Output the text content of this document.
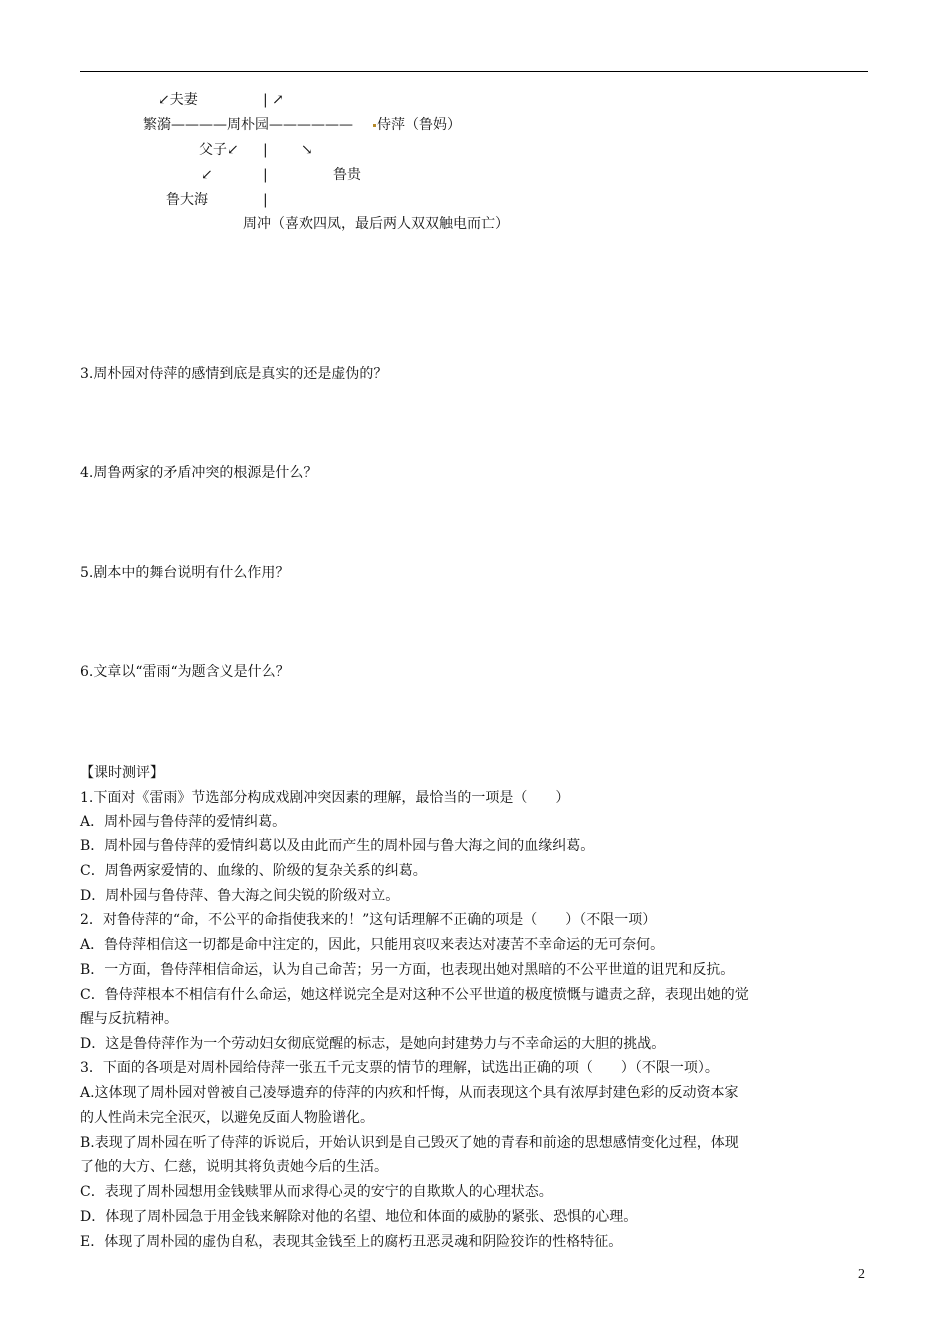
↙夫妻	| ↗
繁漪————周朴园—————— 侍萍（鲁妈）
父子↙ | ↘
↙	|	鲁贵
鲁大海	|
周冲（喜欢四凤，最后两人双双触电而亡）
3.周朴园对侍萍的感情到底是真实的还是虚伪的？
4.周鲁两家的矛盾冲突的根源是什么？
5.剧本中的舞台说明有什么作用？
6.文章以“雷雨“为题含义是什么？
【课时测评】
1.下面对《雷雨》节选部分构成戏剧冲突因素的理解，最恰当的一项是（　　）
A．周朴园与鲁侍萍的爱情纠葛。
B．周朴园与鲁侍萍的爱情纠葛以及由此而产生的周朴园与鲁大海之间的血缘纠葛。
C．周鲁两家爱情的、血缘的、阶级的复杂关系的纠葛。
D．周朴园与鲁侍萍、鲁大海之间尖锐的阶级对立。
2．对鲁侍萍的“命，不公平的命指使我来的！”这句话理解不正确的项是（　　）（不限一项）
A．鲁侍萍相信这一切都是命中注定的，因此，只能用哀叹来表达对凄苦不幸命运的无可奈何。
B．一方面，鲁侍萍相信命运，认为自己命苦；另一方面，也表现出她对黑暗的不公平世道的诅咒和反抗。
C．鲁侍萍根本不相信有什么命运，她这样说完全是对这种不公平世道的极度愤慨与谴责之辞，表现出她的觉
醒与反抗精神。
D．这是鲁侍萍作为一个劳动妇女彻底觉醒的标志，是她向封建势力与不幸命运的大胆的挑战。
3．下面的各项是对周朴园给侍萍一张五千元支票的情节的理解，试选出正确的项（　　）（不限一项）。
A.这体现了周朴园对曾被自己凌辱遗弃的侍萍的内疚和忏悔，从而表现这个具有浓厚封建色彩的反动资本家
的人性尚未完全泯灭，以避免反面人物脸谱化。
B.表现了周朴园在听了侍萍的诉说后，开始认识到是自己毁灭了她的青春和前途的思想感情变化过程，体现
了他的大方、仁慈，说明其将负责她今后的生活。
C．表现了周朴园想用金钱赎罪从而求得心灵的安宁的自欺欺人的心理状态。
D．体现了周朴园急于用金钱来解除对他的名望、地位和体面的威胁的紧张、恐惧的心理。
E．体现了周朴园的虚伪自私，表现其金钱至上的腐朽丑恶灵魂和阴险狡诈的性格特征。
2
